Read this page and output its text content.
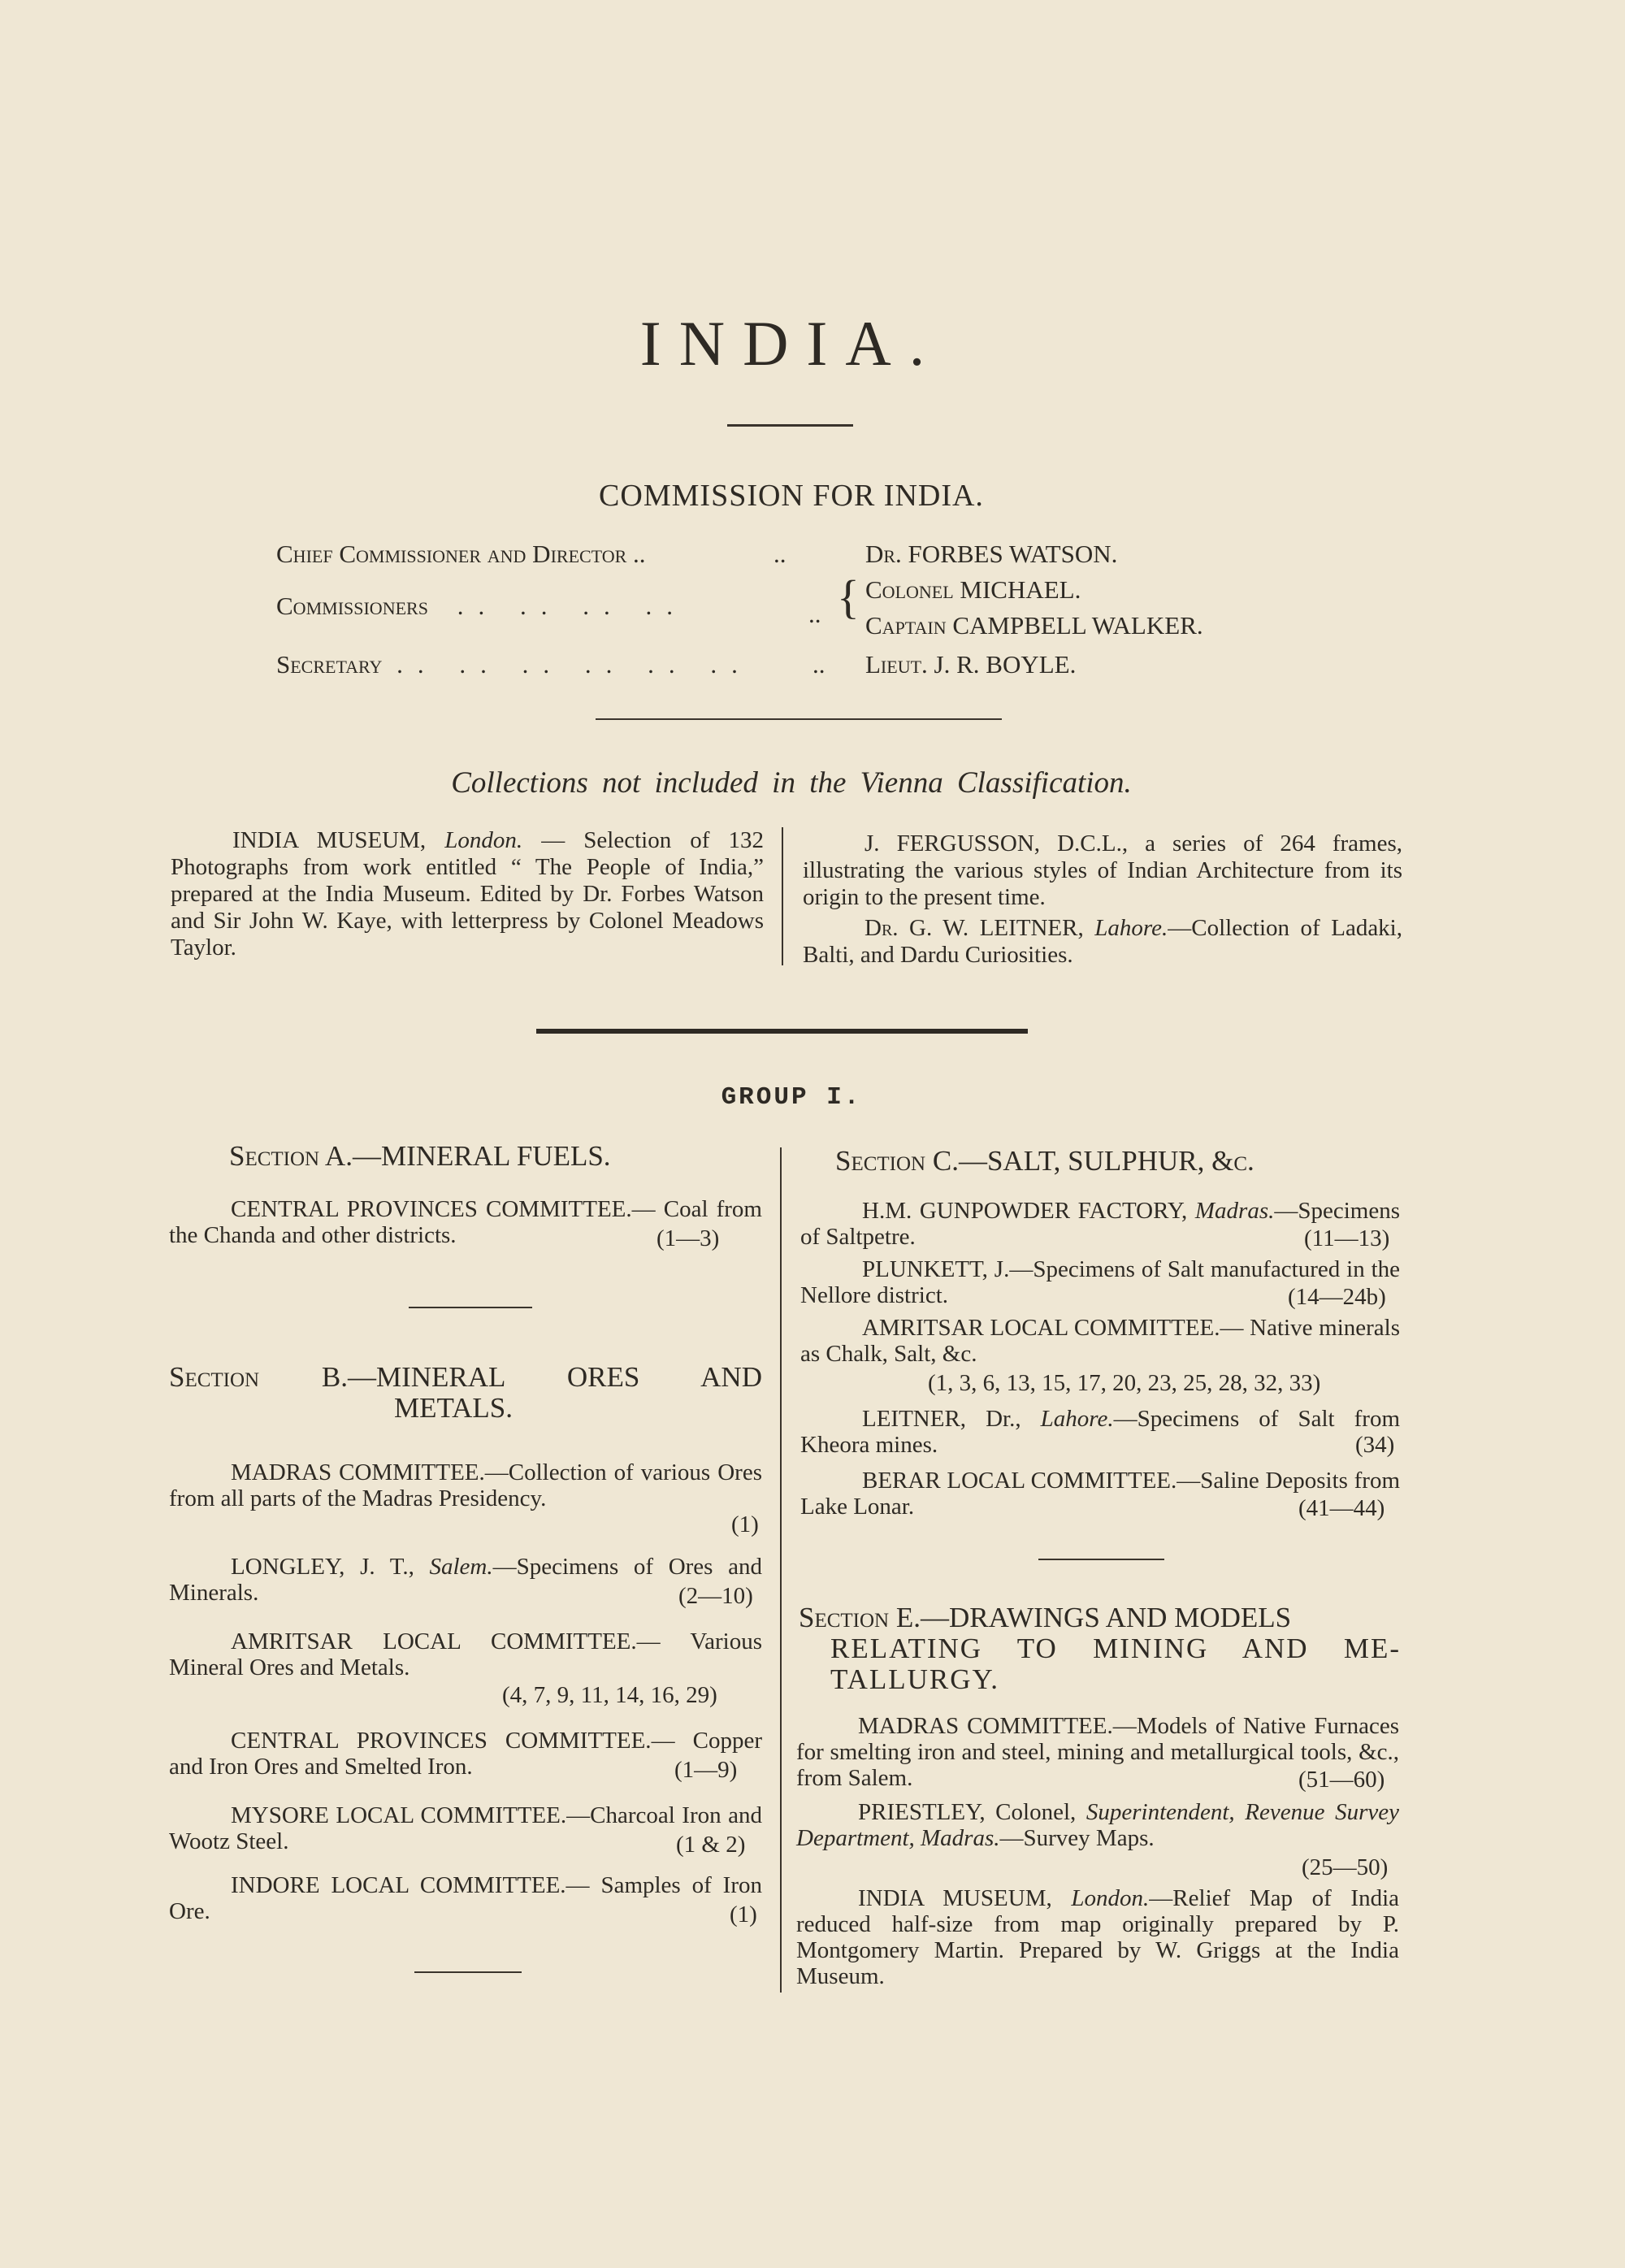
INDIA.
COMMISSION FOR INDIA.
Chief Commissioner and Director ..	..	Dr. FORBES WATSON.
Commissioners .. .. .. ..	.. { Colonel MICHAEL.
Captain CAMPBELL WALKER.
Secretary .. .. .. .. .. .. .. Lieut. J. R. BOYLE.
Collections not included in the Vienna Classification.
INDIA MUSEUM, London. — Selection of 132 Photographs from work entitled “ The People of India,” prepared at the India Museum. Edited by Dr. Forbes Watson and Sir John W. Kaye, with letterpress by Colonel Meadows Taylor.
J. FERGUSSON, D.C.L., a series of 264 frames, illustrating the various styles of Indian Architecture from its origin to the present time.
Dr. G. W. LEITNER, Lahore.—Collection of Ladaki, Balti, and Dardu Curiosities.
GROUP I.
Section A.—MINERAL FUELS.
CENTRAL PROVINCES COMMITTEE.— Coal from the Chanda and other districts.	(1—3)
Section B.—MINERAL ORES AND
METALS.
MADRAS COMMITTEE.—Collection of various Ores from all parts of the Madras Presidency.
(1)
LONGLEY, J. T., Salem.—Specimens of Ores and Minerals.	(2—10)
AMRITSAR LOCAL COMMITTEE.— Various Mineral Ores and Metals.
(4, 7, 9, 11, 14, 16, 29)
CENTRAL PROVINCES COMMITTEE.— Copper and Iron Ores and Smelted Iron.	(1—9)
MYSORE LOCAL COMMITTEE.—Charcoal Iron and Wootz Steel.	(1 & 2)
INDORE LOCAL COMMITTEE.— Samples of Iron Ore.	(1)
Section C.—SALT, SULPHUR, &c.
H.M. GUNPOWDER FACTORY, Madras.—Specimens of Saltpetre.	(11—13)
PLUNKETT, J.—Specimens of Salt manufactured in the Nellore district.	(14—24b)
AMRITSAR LOCAL COMMITTEE.— Native minerals as Chalk, Salt, &c.
(1, 3, 6, 13, 15, 17, 20, 23, 25, 28, 32, 33)
LEITNER, Dr., Lahore.—Specimens of Salt from Kheora mines.	(34)
BERAR LOCAL COMMITTEE.—Saline Deposits from Lake Lonar.	(41—44)
Section E.—DRAWINGS AND MODELS
RELATING TO MINING AND ME-
TALLURGY.
MADRAS COMMITTEE.—Models of Native Furnaces for smelting iron and steel, mining and metallurgical tools, &c., from Salem.	(51—60)
PRIESTLEY, Colonel, Superintendent, Revenue Survey Department, Madras.—Survey Maps.
(25—50)
INDIA MUSEUM, London.—Relief Map of India reduced half-size from map originally prepared by P. Montgomery Martin. Prepared by W. Griggs at the India Museum.
